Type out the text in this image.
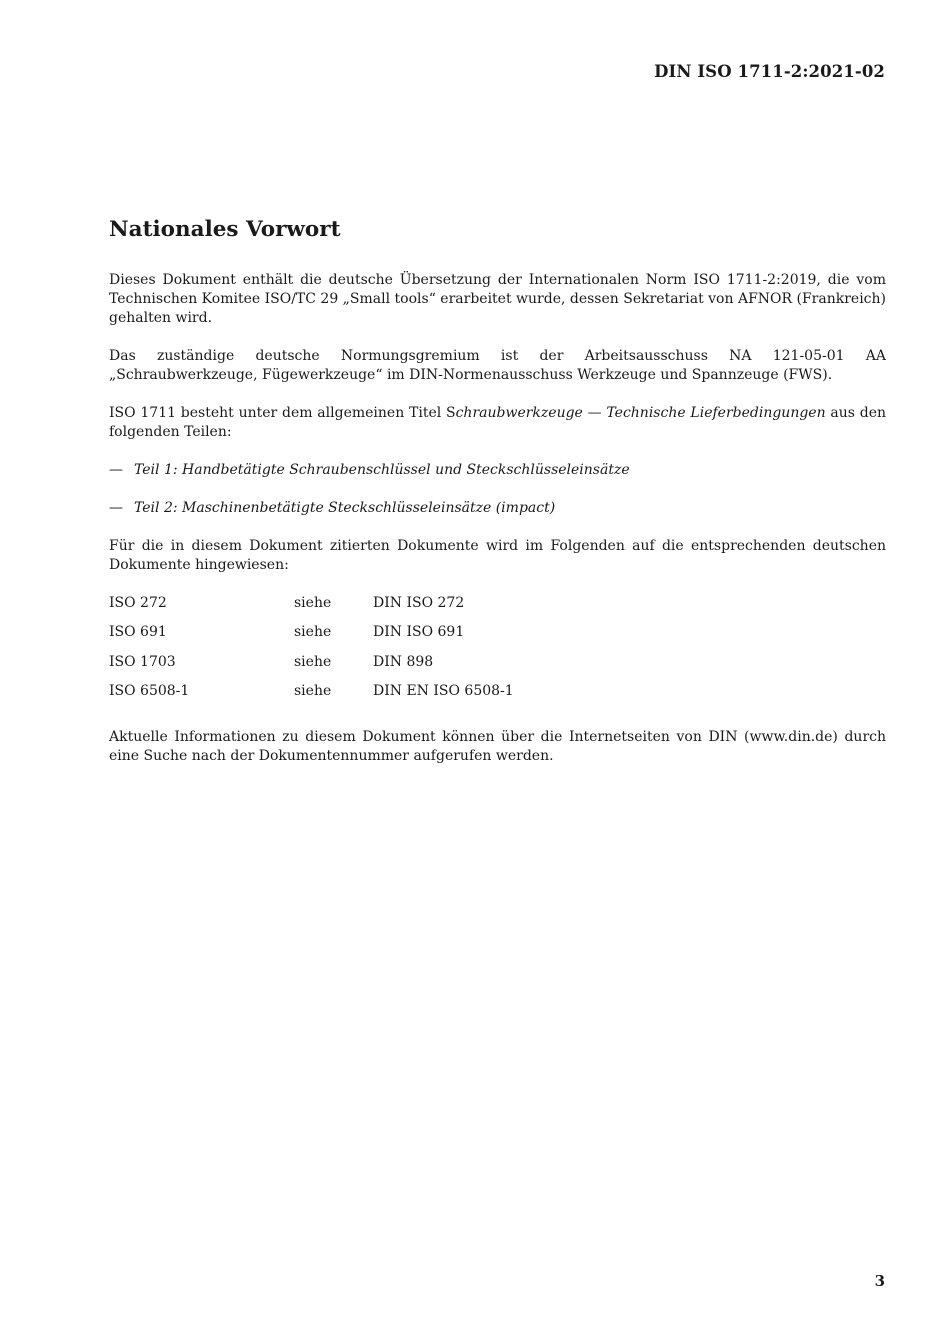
DIN ISO 1711-2:2021-02
Nationales Vorwort

Dieses Dokument enthält die deutsche Übersetzung der Internationalen Norm ISO 1711-2:2019, die vom Technischen Komitee ISO/TC 29 „Small tools“ erarbeitet wurde, dessen Sekretariat von AFNOR (Frankreich) gehalten wird.

Das zuständige deutsche Normungsgremium ist der Arbeitsausschuss NA 121-05-01 AA „Schraubwerkzeuge, Fügewerkzeuge“ im DIN-Normenausschuss Werkzeuge und Spannzeuge (FWS).

ISO 1711 besteht unter dem allgemeinen Titel Schraubwerkzeuge — Technische Lieferbedingungen aus den folgenden Teilen:

— Teil 1: Handbetätigte Schraubenschlüssel und Steckschlüsseleinsätze
— Teil 2: Maschinenbetätigte Steckschlüsseleinsätze (impact)

Für die in diesem Dokument zitierten Dokumente wird im Folgenden auf die entsprechenden deutschen Dokumente hingewiesen:

ISO 272	siehe	DIN ISO 272
ISO 691	siehe	DIN ISO 691
ISO 1703	siehe	DIN 898
ISO 6508-1	siehe	DIN EN ISO 6508-1

Aktuelle Informationen zu diesem Dokument können über die Internetseiten von DIN (www.din.de) durch eine Suche nach der Dokumentennummer aufgerufen werden.

3
